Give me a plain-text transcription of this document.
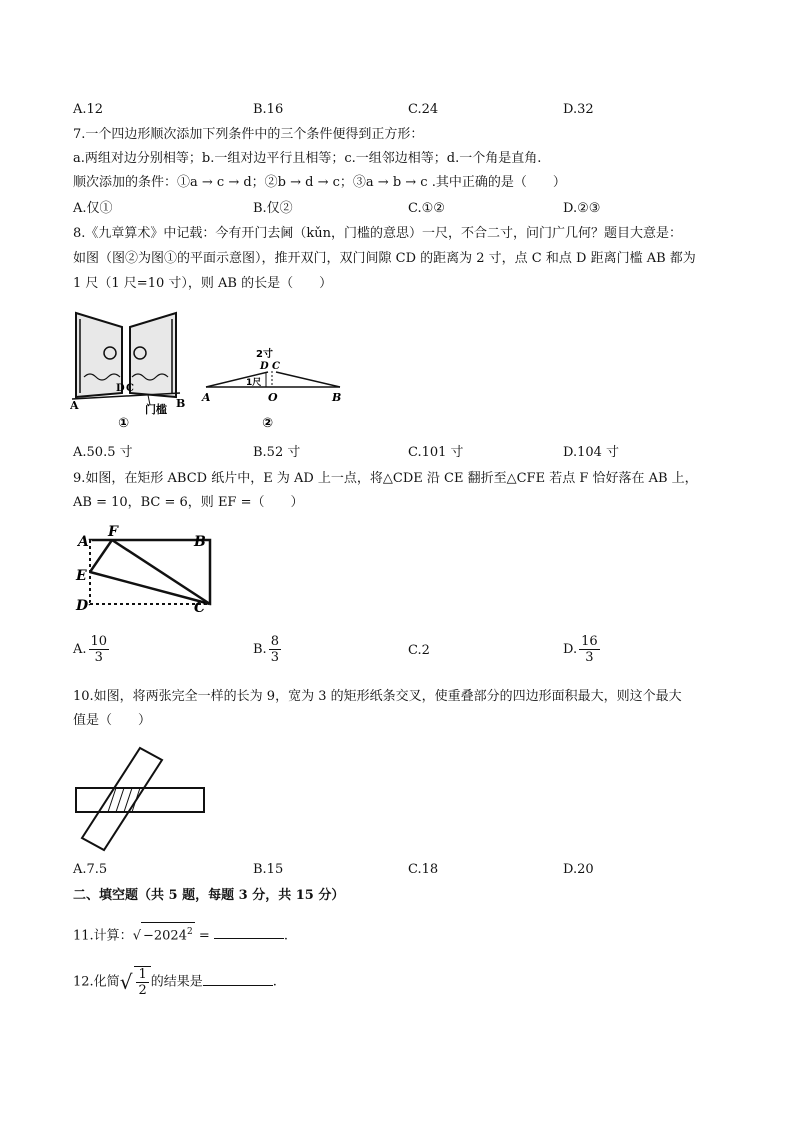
A.12	B.16	C.24	D.32
7.一个四边形顺次添加下列条件中的三个条件便得到正方形：
a.两组对边分别相等；b.一组对边平行且相等；c.一组邻边相等；d.一个角是直角.
顺次添加的条件：①a → c → d；②b → d → c；③a → b → c .其中正确的是（　　）
A.仅①	B.仅②	C.①②	D.②③
8.《九章算术》中记载：今有开门去阃（kǔn，门槛的意思）一尺，不合二寸，问门广几何？题目大意是：
如图（图②为图①的平面示意图），推开双门，双门间隙 CD 的距离为 2 寸，点 C 和点 D 距离门槛 AB 都为
1 尺（1 尺=10 寸），则 AB 的长是（　　）
A
D C
B
门槛
①
2寸
D C
1尺
A	O	B
②
A.50.5 寸	B.52 寸	C.101 寸	D.104 寸
9.如图，在矩形 ABCD 纸片中，E 为 AD 上一点，将△CDE 沿 CE 翻折至△CFE 若点 F 恰好落在 AB 上，
AB = 10，BC = 6，则 EF =（　　）
A
F
B
E
D	C
A. $\frac{10}{3}$	B. $\frac{8}{3}$	C.2	D. $\frac{16}{3}$
10.如图，将两张完全一样的长为 9，宽为 3 的矩形纸条交叉，使重叠部分的四边形面积最大，则这个最大
值是（　　）
A.7.5	B.15	C.18	D.20
二、填空题（共 5 题，每题 3 分，共 15 分）
11.计算：√ $-2024^2$ =	.
12.化简√ $\frac{1}{2}$ 的结果是	.
